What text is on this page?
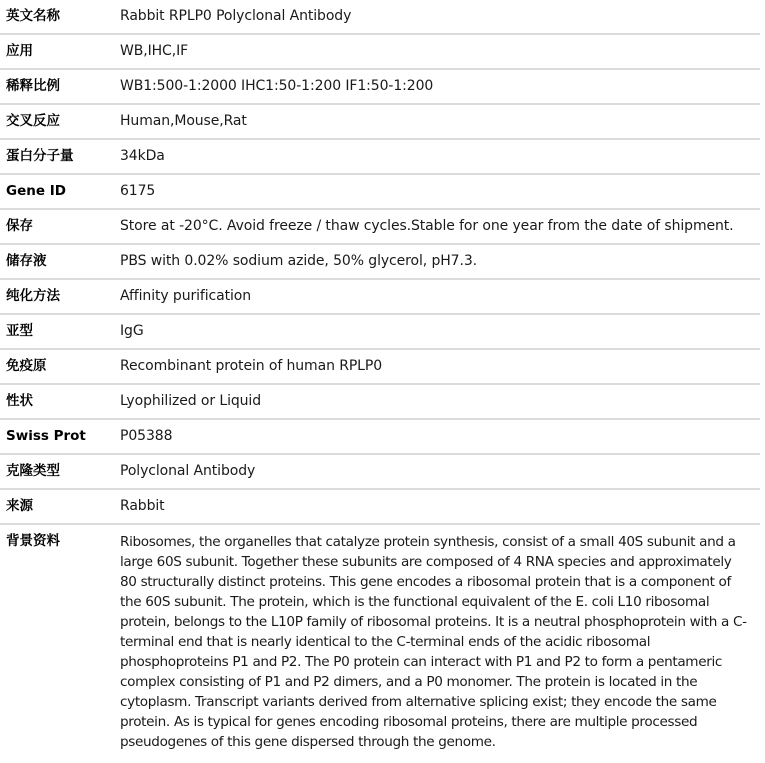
英文名称	Rabbit RPLP0 Polyclonal Antibody
应用	WB,IHC,IF
稀释比例	WB1:500-1:2000 IHC1:50-1:200 IF1:50-1:200
交叉反应	Human,Mouse,Rat
蛋白分子量	34kDa
Gene ID	6175
保存	Store at -20°C. Avoid freeze / thaw cycles.Stable for one year from the date of shipment.
储存液	PBS with 0.02% sodium azide, 50% glycerol, pH7.3.
纯化方法	Affinity purification
亚型	IgG
免疫原	Recombinant protein of human RPLP0
性状	Lyophilized or Liquid
Swiss Prot	P05388
克隆类型	Polyclonal Antibody
来源	Rabbit
背景资料	Ribosomes, the organelles that catalyze protein synthesis, consist of a small 40S subunit and a large 60S subunit. Together these subunits are composed of 4 RNA species and approximately 80 structurally distinct proteins. This gene encodes a ribosomal protein that is a component of the 60S subunit. The protein, which is the functional equivalent of the E. coli L10 ribosomal protein, belongs to the L10P family of ribosomal proteins. It is a neutral phosphoprotein with a C-terminal end that is nearly identical to the C-terminal ends of the acidic ribosomal phosphoproteins P1 and P2. The P0 protein can interact with P1 and P2 to form a pentameric complex consisting of P1 and P2 dimers, and a P0 monomer. The protein is located in the cytoplasm. Transcript variants derived from alternative splicing exist; they encode the same protein. As is typical for genes encoding ribosomal proteins, there are multiple processed pseudogenes of this gene dispersed through the genome.
